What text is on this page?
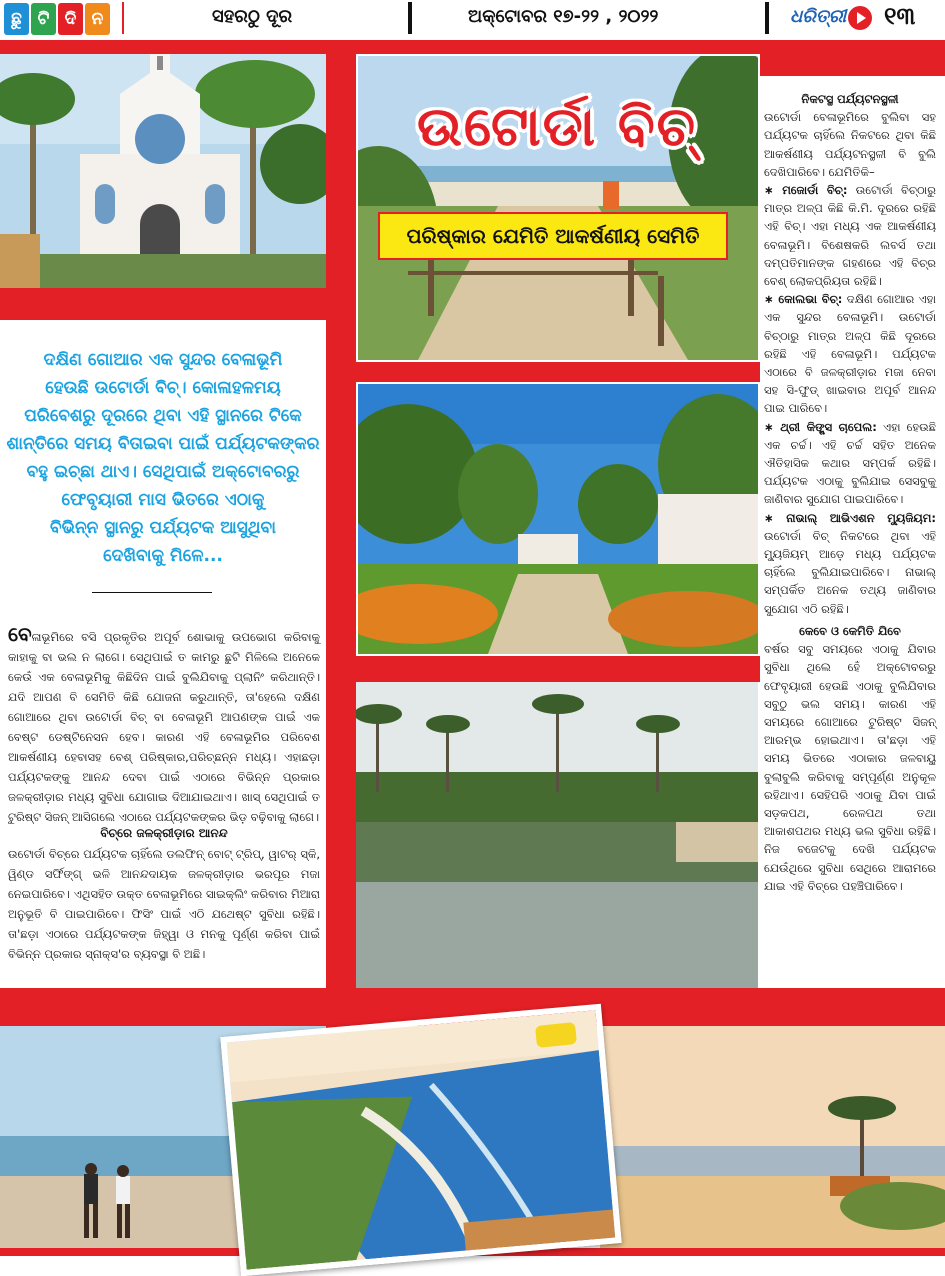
ଛୁ ଟି ଦି ନ	ସହରଠୁ ଦୂର	ଅକ୍ଟୋବର ୧୭-୨୨ , ୨୦୨୨	ଧରିତ୍ରୀ ୧୩
ଉଟୋର୍ଡା ବିଚ୍
ପରିଷ୍କାର ଯେମିତି ଆକର୍ଷଣୀୟ ସେମିତି
ଦକ୍ଷିଣ ଗୋଆର ଏକ ସୁନ୍ଦର ବେଳାଭୂମି
ହେଉଛି ଉଟୋର୍ଡା ବିଚ୍। କୋଳାହଳମୟ
ପରିବେଶରୁ ଦୂରରେ ଥିବା ଏହି ସ୍ଥାନରେ ଟିକେ
ଶାନ୍ତିରେ ସମୟ ବିତାଇବା ପାଇଁ ପର୍ଯ୍ୟଟକଙ୍କର
ବହୁ ଇଚ୍ଛା ଥାଏ। ସେଥିପାଇଁ ଅକ୍ଟୋବରରୁ
ଫେବୃୟାରୀ ମାସ ଭିତରେ ଏଠାକୁ
ବିଭିନ୍ନ ସ୍ଥାନରୁ ପର୍ଯ୍ୟଟକ ଆସୁଥିବା
ଦେଖିବାକୁ ମିଳେ...
ବେଳାଭୂମିରେ ବସି ପ୍ରକୃତିର ଅପୂର୍ବ ଶୋଭାକୁ ଉପଭୋଗ କରିବାକୁ କାହାକୁ ବା ଭଲ ନ ଲାଗେ। ସେଥିପାଇଁ ତ କାମରୁ ଛୁଟି ମିଳିଲେ ଅନେକେ କେଉଁ ଏକ ବେଳାଭୂମିକୁ କିଛିଦିନ ପାଇଁ ବୁଲିଯିବାକୁ ପ୍ଲାନିଂ କରିଥାନ୍ତି। ଯଦି ଆପଣ ବି ସେମିତି କିଛି ଯୋଜନା କରୁଥାନ୍ତି, ତା'ହେଲେ ଦକ୍ଷିଣ ଗୋଆରେ ଥିବା ଉଟୋର୍ଡା ବିଚ୍ ବା ବେଳାଭୂମି ଆପଣଙ୍କ ପାଇଁ ଏକ ବେଷ୍ଟ ଡେଷ୍ଟିନେସନ ହେବ। କାରଣ ଏହି ବେଳାଭୂମିର ପରିବେଶ ଆକର୍ଷଣୀୟ ହେବାସହ ବେଶ୍ ପରିଷ୍କାର,ପରିଚ୍ଛନ୍ନ ମଧ୍ୟ। ଏହାଛଡ଼ା ପର୍ଯ୍ୟଟକଙ୍କୁ ଆନନ୍ଦ ଦେବା ପାଇଁ ଏଠାରେ ବିଭିନ୍ନ ପ୍ରକାର ଜଳକ୍ରୀଡ଼ାର ମଧ୍ୟ ସୁବିଧା ଯୋଗାଇ ଦିଆଯାଇଥାଏ। ଖାସ୍ ସେଥିପାଇଁ ତ ଟୁରିଷ୍ଟ ସିଜନ୍ ଆସିଗଲେ ଏଠାରେ ପର୍ଯ୍ୟଟକଙ୍କର ଭିଡ଼ ବଢ଼ିବାକୁ ଲାଗେ।
ବିଚ୍‌ରେ ଜଳକ୍ରୀଡ଼ାର ଆନନ୍ଦ
ଉଟୋର୍ଡା ବିଚ୍‌ରେ ପର୍ଯ୍ୟଟକ ଚାହିଁଲେ ଡଲଫିନ୍ ବୋଟ୍ ଟ୍ରିପ୍, ୱାଟର୍ ସ୍କି, ୱିଣ୍ଡ ସର୍ଫିଙ୍ଗ୍ ଭଳି ଆନନ୍ଦଦାୟକ ଜଳକ୍ରୀଡ଼ାର ଭରପୂର ମଜା ନେଇପାରିବେ। ଏଥିସହିତ ଉକ୍ତ ବେଳାଭୂମିରେ ସାଇକ୍ଲିଂ କରିବାର ମିଆରା ଅନୁଭୂତି ବି ପାଇପାରିବେ। ଫିସିଂ ପାଇଁ ଏଠି ଯଥେଷ୍ଟ ସୁବିଧା ରହିଛି। ତା'ଛଡ଼ା ଏଠାରେ ପର୍ଯ୍ୟଟକଙ୍କ ଜିହ୍ୱା ଓ ମନକୁ ପୂର୍ଣ୍ଣ କରିବା ପାଇଁ ବିଭିନ୍ନ ପ୍ରକାର ସ୍ନାକ୍ସ'ର ବ୍ୟବସ୍ଥା ବି ଅଛି।
ନିକଟସ୍ଥ ପର୍ଯ୍ୟଟନସ୍ଥଳୀ
ଉଟୋର୍ଡା ବେଳାଭୂମିରେ ବୁଲିବା ସହ ପର୍ଯ୍ୟଟକ ଚାହିଁଲେ ନିକଟରେ ଥିବା କିଛି ଆକର୍ଷଣୀୟ ପର୍ଯ୍ୟଟନସ୍ଥଳୀ ବି ବୁଲି ଦେଖିପାରିବେ। ଯେମିତିକି–
∗ ମଜୋର୍ଡା ବିଚ୍: ଉଟୋର୍ଡା ବିଚ୍‌ଠାରୁ ମାତ୍ର ଅଳ୍ପ କିଛି କି.ମି. ଦୂରରେ ରହିଛି ଏହି ବିଚ୍। ଏହା ମଧ୍ୟ ଏକ ଆକର୍ଷଣୀୟ ବେଳାଭୂମି। ବିଶେଷକରି ଲବର୍ସ ତଥା ଦମ୍ପତିମାନଙ୍କ ଗହଣରେ ଏହି ବିଚ୍‌ର ବେଶ୍ ଲୋକପ୍ରିୟତା ରହିଛି।
∗ କୋଲଭା ବିଚ୍: ଦକ୍ଷିଣ ଗୋଆର ଏହା ଏକ ସୁନ୍ଦର ବେଳାଭୂମି। ଉଟୋର୍ଡା ବିଚ୍‌ଠାରୁ ମାତ୍ର ଅଳ୍ପ କିଛି ଦୂରରେ ରହିଛି ଏହି ବେଳାଭୂମି। ପର୍ଯ୍ୟଟକ ଏଠାରେ ବି ଜଳକ୍ରୀଡ଼ାର ମଜା ନେବା ସହ ସି-ଫୁଡ୍ ଖାଇବାର ଅପୂର୍ବ ଆନନ୍ଦ ପାଇ ପାରିବେ।
∗ ଥ୍ରୀ କିଙ୍ଗ୍ସ ଚାପେଲ: ଏହା ହେଉଛି ଏକ ଚର୍ଚ୍ଚ। ଏହି ଚର୍ଚ୍ଚ ସହିତ ଅନେକ ଐତିହାସିକ କଥାର ସମ୍ପର୍କ ରହିଛି। ପର୍ଯ୍ୟଟକ ଏଠାକୁ ବୁଲିଯାଇ ସେସବୁକୁ ଜାଣିବାର ସୁଯୋଗ ପାଇପାରିବେ।
∗ ନାଭାଲ୍ ଆଭିଏଶନ ମ୍ୟୁଜିୟମ: ଉଟୋର୍ଡା ବିଚ୍ ନିକଟରେ ଥିବା ଏହି ମ୍ୟୁଜିୟମ୍ ଆଡ଼େ ମଧ୍ୟ ପର୍ଯ୍ୟଟକ ଚାହିଁଲେ ବୁଲିଯାଇପାରିବେ। ନାଭାଲ୍ ସମ୍ପର୍କିତ ଅନେକ ତଥ୍ୟ ଜାଣିବାର ସୁଯୋଗ ଏଠି ରହିଛି।
କେବେ ଓ କେମିତି ଯିବେ
ବର୍ଷର ସବୁ ସମୟରେ ଏଠାକୁ ଯିବାର ସୁବିଧା ଥିଲେ ହେଁ ଅକ୍ଟୋବରରୁ ଫେବୃୟାରୀ ହେଉଛି ଏଠାକୁ ବୁଲିଯିବାର ସବୁଠୁ ଭଲ ସମୟ। କାରଣ ଏହି ସମୟରେ ଗୋଆରେ ଟୁରିଷ୍ଟ ସିଜନ୍ ଆରମ୍ଭ ହୋଇଥାଏ। ତା'ଛଡ଼ା ଏହି ସମୟ ଭିତରେ ଏଠାକାର ଜଳବାୟୁ ବୁଲାବୁଲି କରିବାକୁ ସମ୍ପୂର୍ଣ୍ଣ ଅନୁକୂଳ ରହିଥାଏ। ସେହିପରି ଏଠାକୁ ଯିବା ପାଇଁ ସଡ଼କପଥ, ରେଳପଥ ତଥା ଆକାଶପଥର ମଧ୍ୟ ଭଲ ସୁବିଧା ରହିଛି। ନିଜ ବଜେଟକୁ ଦେଖି ପର୍ଯ୍ୟଟକ ଯେଉଁଥିରେ ସୁବିଧା ସେଥିରେ ଆରାମରେ ଯାଇ ଏହି ବିଚ୍‌ରେ ପହଞ୍ଚିପାରିବେ।
